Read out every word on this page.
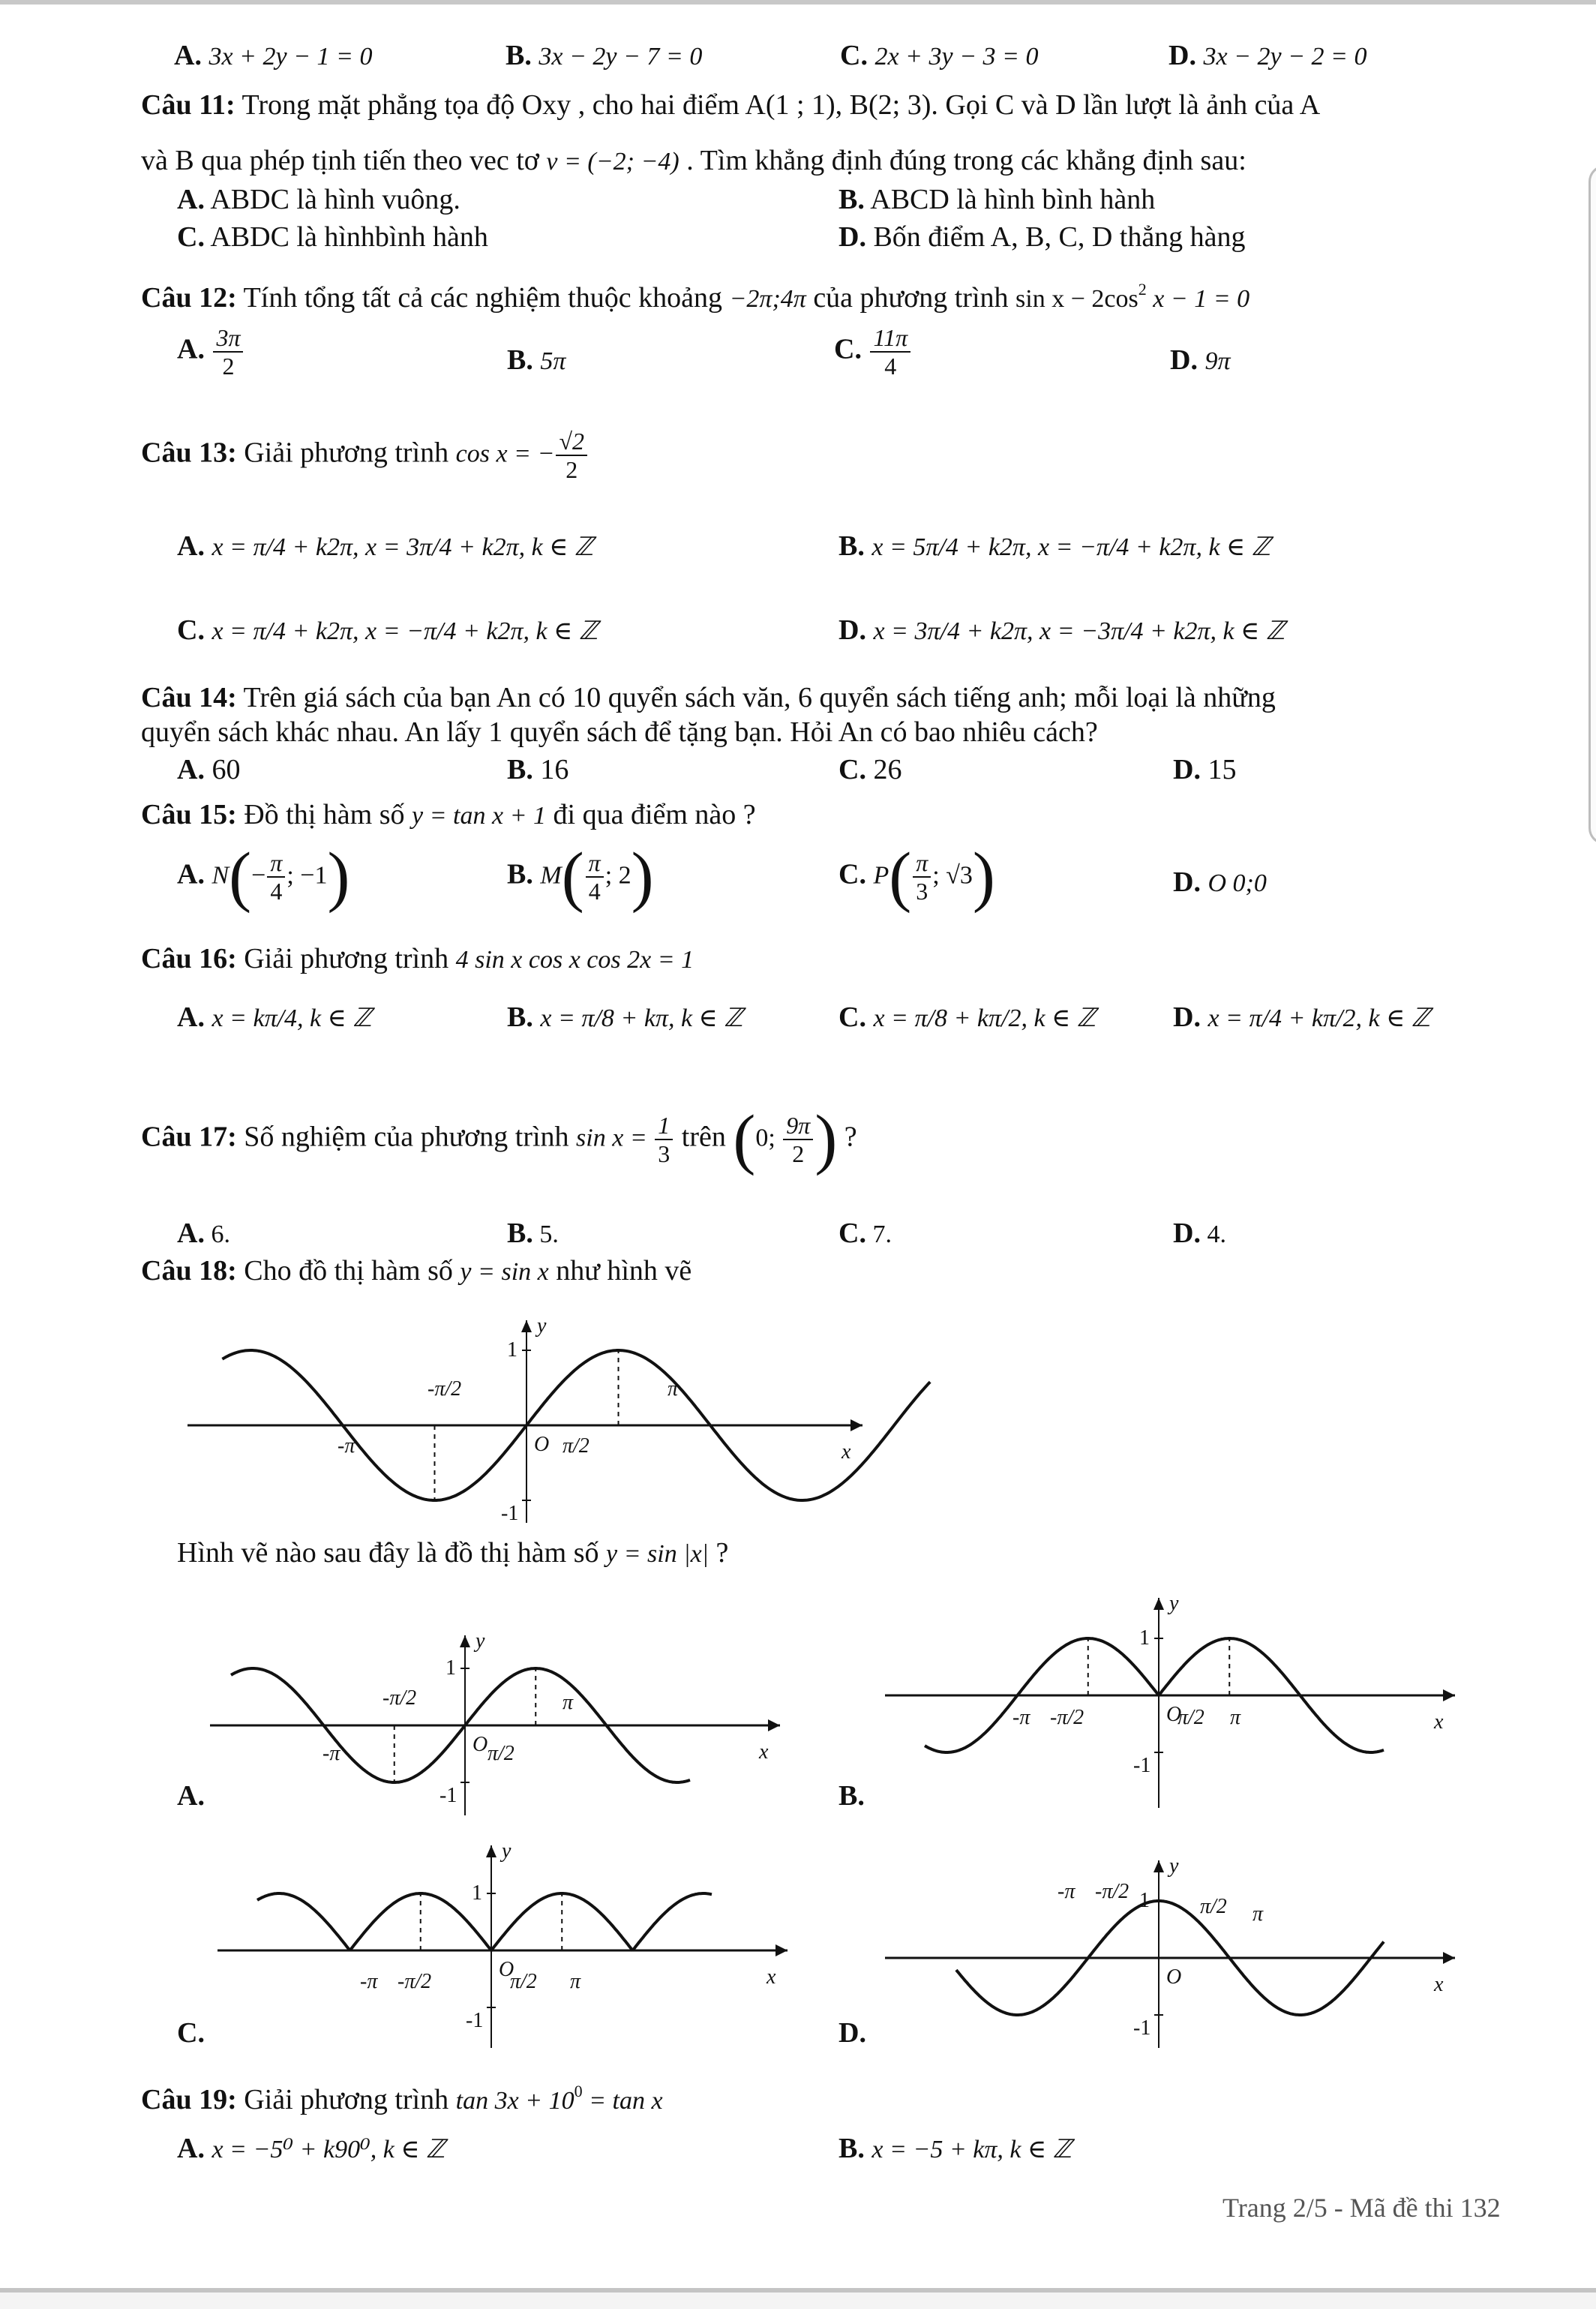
A. 3x + 2y − 1 = 0	B. 3x − 2y − 7 = 0	C. 2x + 3y − 3 = 0	D. 3x − 2y − 2 = 0
Câu 11: Trong mặt phẳng tọa độ Oxy , cho hai điểm A(1 ; 1), B(2; 3). Gọi C và D lần lượt là ảnh của A
và B qua phép tịnh tiến theo vec tơ v = (−2; −4) . Tìm khẳng định đúng trong các khẳng định sau:
A. ABDC là hình vuông.	B. ABCD là hình bình hành
C. ABDC là hìnhbình hành	D. Bốn điểm A, B, C, D thẳng hàng
Câu 12: Tính tổng tất cả các nghiệm thuộc khoảng −2π;4π của phương trình $\sin x - 2\cos^2$ x − 1 = 0
A. $\frac{3\pi}{2}$	B. 5π	C. $\frac{11\pi}{4}$	D. 9π
Câu 13: Giải phương trình cos x = − $\frac{√2}{2}$
A. x = π/4 + k2π, x = 3π/4 + k2π, k ∈ ℤ	B. x = 5π/4 + k2π, x = −π/4 + k2π, k ∈ ℤ
C. x = π/4 + k2π, x = −π/4 + k2π, k ∈ ℤ	D. x = 3π/4 + k2π, x = −3π/4 + k2π, k ∈ ℤ
Câu 14: Trên giá sách của bạn An có 10 quyển sách văn, 6 quyển sách tiếng anh; mỗi loại là những
quyển sách khác nhau. An lấy 1 quyển sách để tặng bạn. Hỏi An có bao nhiêu cách?
A. 60	B. 16	C. 26	D. 15
Câu 15: Đồ thị hàm số y = tan x + 1 đi qua điểm nào ?
A. $N(- \frac{\pi}{4}$ ; −1)	B. $M( \frac{\pi}{4}$ ; 2)	C. $P( \frac{\pi}{3}$ ; √3)	D. O 0;0
Câu 16: Giải phương trình 4 sin x cos x cos 2x = 1
A. x = kπ/4, k ∈ ℤ	B. x = π/8 + kπ, k ∈ ℤ	C. x = π/8 + kπ/2, k ∈ ℤ	D. x = π/4 + kπ/2, k ∈ ℤ
Câu 17: Số nghiệm của phương trình $\sin x = \frac{1}{3}$ trên (0; $\frac{9\pi}{2}$ ) ?
A. 6.	B. 5.	C. 7.	D. 4.
Câu 18: Cho đồ thị hàm số y = sin x như hình vẽ
y
x
O
1
-1
-π/2
-π	π/2
π
Hình vẽ nào sau đây là đồ thị hàm số y = sin |x| ?
y
x
O
1
-1
-π/2
-π	π/2
π
A.
y
x
O
1
-1
-π/2
-π	π/2 π
B.
y
x
O
1
-1
-π/2
-π	π/2 π
C.
y
x
O
1
-1
-π/2
-π
π/2 π
D.
Câu 19: Giải phương trình $\tan 3x + 10^0 = \tan x$
A. x = −5⁰ + k90⁰, k ∈ ℤ	B. x = −5 + kπ, k ∈ ℤ
Trang 2/5 - Mã đề thi 132
